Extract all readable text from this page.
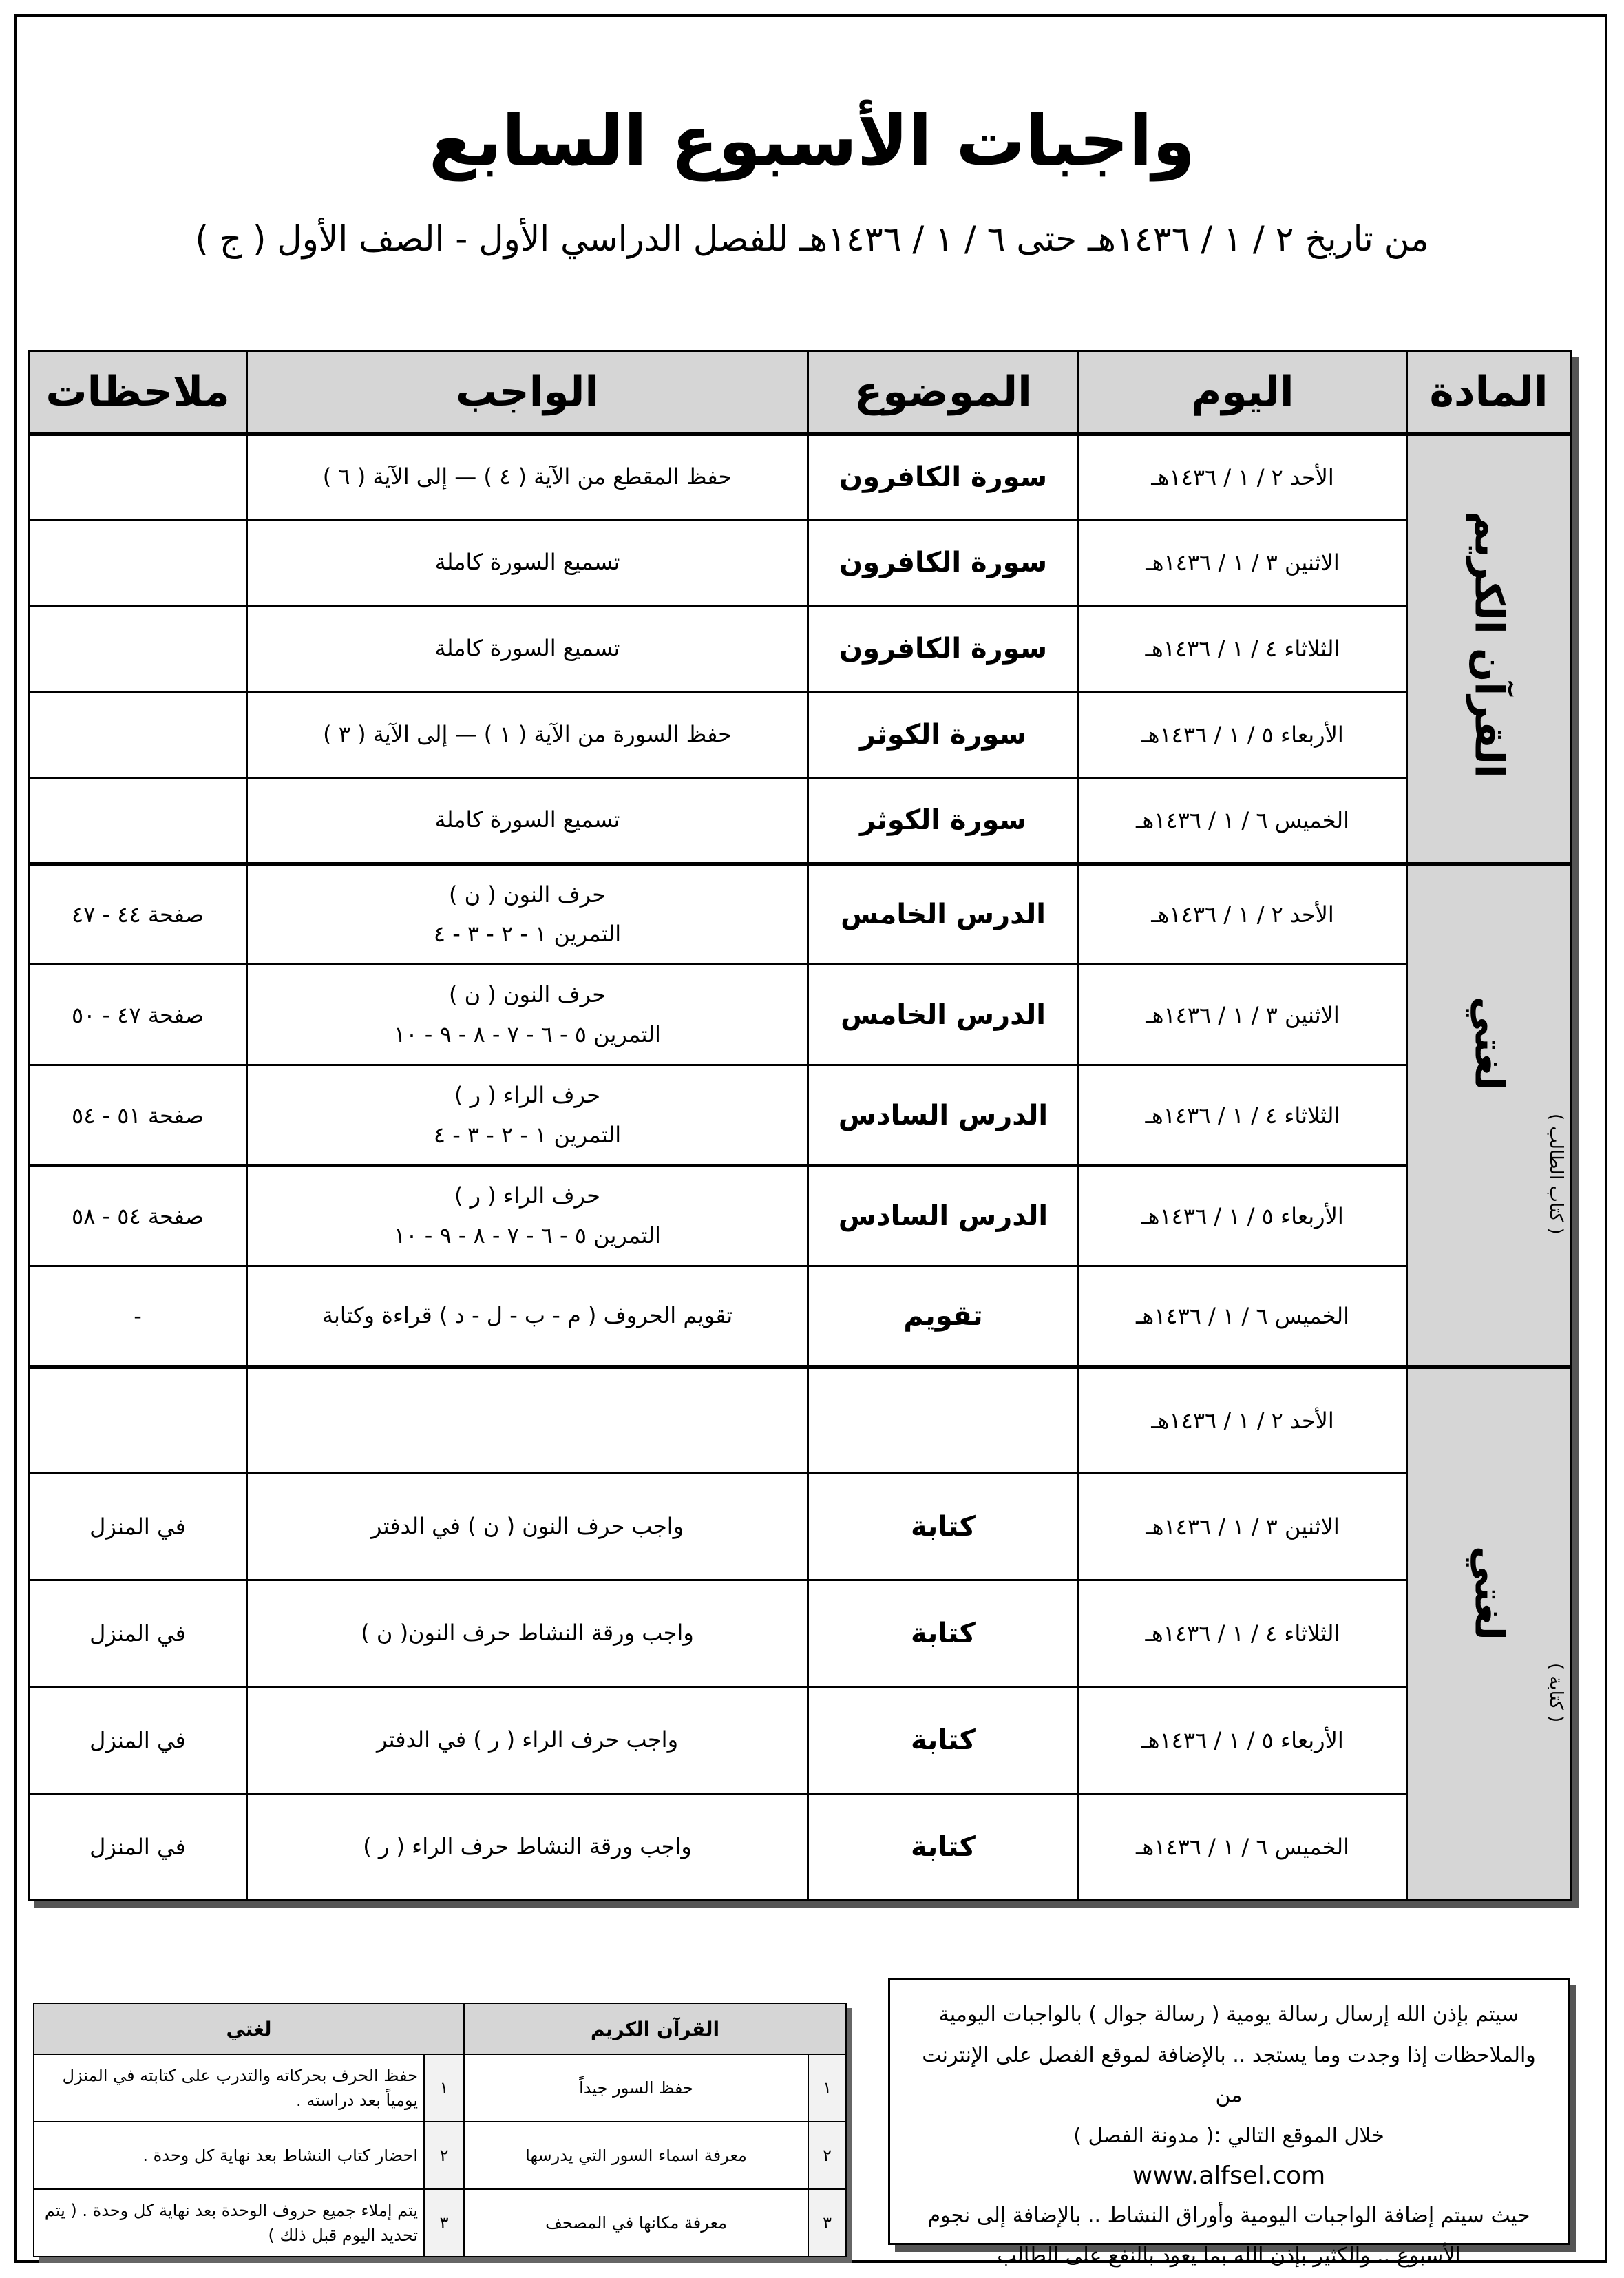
واجبات الأسبوع السابع
من تاريخ ٢ / ١ / ١٤٣٦هـ حتى ٦ / ١ / ١٤٣٦هـ للفصل الدراسي الأول - الصف الأول ( ج )
المادة	اليوم	الموضوع	الواجب	ملاحظات
القرآن الكريم	الأحد ٢ / ١ / ١٤٣٦هـ	سورة الكافرون	حفظ المقطع من الآية ( ٤ ) — إلى الآية ( ٦ )	

	الاثنين ٣ / ١ / ١٤٣٦هـ	سورة الكافرون	تسميع السورة كاملة	

	الثلاثاء ٤ / ١ / ١٤٣٦هـ	سورة الكافرون	تسميع السورة كاملة	

	الأربعاء ٥ / ١ / ١٤٣٦هـ	سورة الكوثر	حفظ السورة من الآية ( ١ ) — إلى الآية ( ٣ )	

	الخميس ٦ / ١ / ١٤٣٦هـ	سورة الكوثر	تسميع السورة كاملة	

لغتي
( كتاب الطالب )	الأحد ٢ / ١ / ١٤٣٦هـ	الدرس الخامس	حرف النون ( ن )
التمرين ١ - ٢ - ٣ - ٤	صفحة ٤٤ - ٤٧
	الاثنين ٣ / ١ / ١٤٣٦هـ	الدرس الخامس	حرف النون ( ن )
التمرين ٥ - ٦ - ٧ - ٨ - ٩ - ١٠	صفحة ٤٧ - ٥٠
	الثلاثاء ٤ / ١ / ١٤٣٦هـ	الدرس السادس	حرف الراء ( ر )
التمرين ١ - ٢ - ٣ - ٤	صفحة ٥١ - ٥٤
	الأربعاء ٥ / ١ / ١٤٣٦هـ	الدرس السادس	حرف الراء ( ر )
التمرين ٥ - ٦ - ٧ - ٨ - ٩ - ١٠	صفحة ٥٤ - ٥٨
	الخميس ٦ / ١ / ١٤٣٦هـ	تقويم	تقويم الحروف ( م - ب - ل - د ) قراءة وكتابة	-
لغتي
( كتابة )	الأحد ٢ / ١ / ١٤٣٦هـ		

	الاثنين ٣ / ١ / ١٤٣٦هـ	كتابة	واجب حرف النون ( ن ) في الدفتر	في المنزل
	الثلاثاء ٤ / ١ / ١٤٣٦هـ	كتابة	واجب ورقة النشاط حرف النون( ن )	في المنزل
	الأربعاء ٥ / ١ / ١٤٣٦هـ	كتابة	واجب حرف الراء ( ر ) في الدفتر	في المنزل
	الخميس ٦ / ١ / ١٤٣٦هـ	كتابة	واجب ورقة النشاط حرف الراء ( ر )	في المنزل
القرآن الكريم		لغتي	
١	حفظ السور جيداً	١	حفظ الحرف بحركاته والتدرب على كتابته في المنزل يومياً بعد دراسته .
٢	معرفة اسماء السور التي يدرسها	٢	احضار كتاب النشاط بعد نهاية كل وحدة .
٣	معرفة مكانها في المصحف	٣	يتم إملاء جميع حروف الوحدة بعد نهاية كل وحدة . ( يتم تحديد اليوم قبل ذلك )
سيتم بإذن الله إرسال رسالة يومية ( رسالة جوال ) بالواجبات اليومية
والملاحظات إذا وجدت وما يستجد .. بالإضافة لموقع الفصل على الإنترنت من
خلال الموقع التالي :( مدونة الفصل )
www.alfsel.com
حيث سيتم إضافة الواجبات اليومية وأوراق النشاط .. بالإضافة إلى نجوم
الأسبوع .. والكثير بإذن الله بما يعود بالنفع على الطالب
